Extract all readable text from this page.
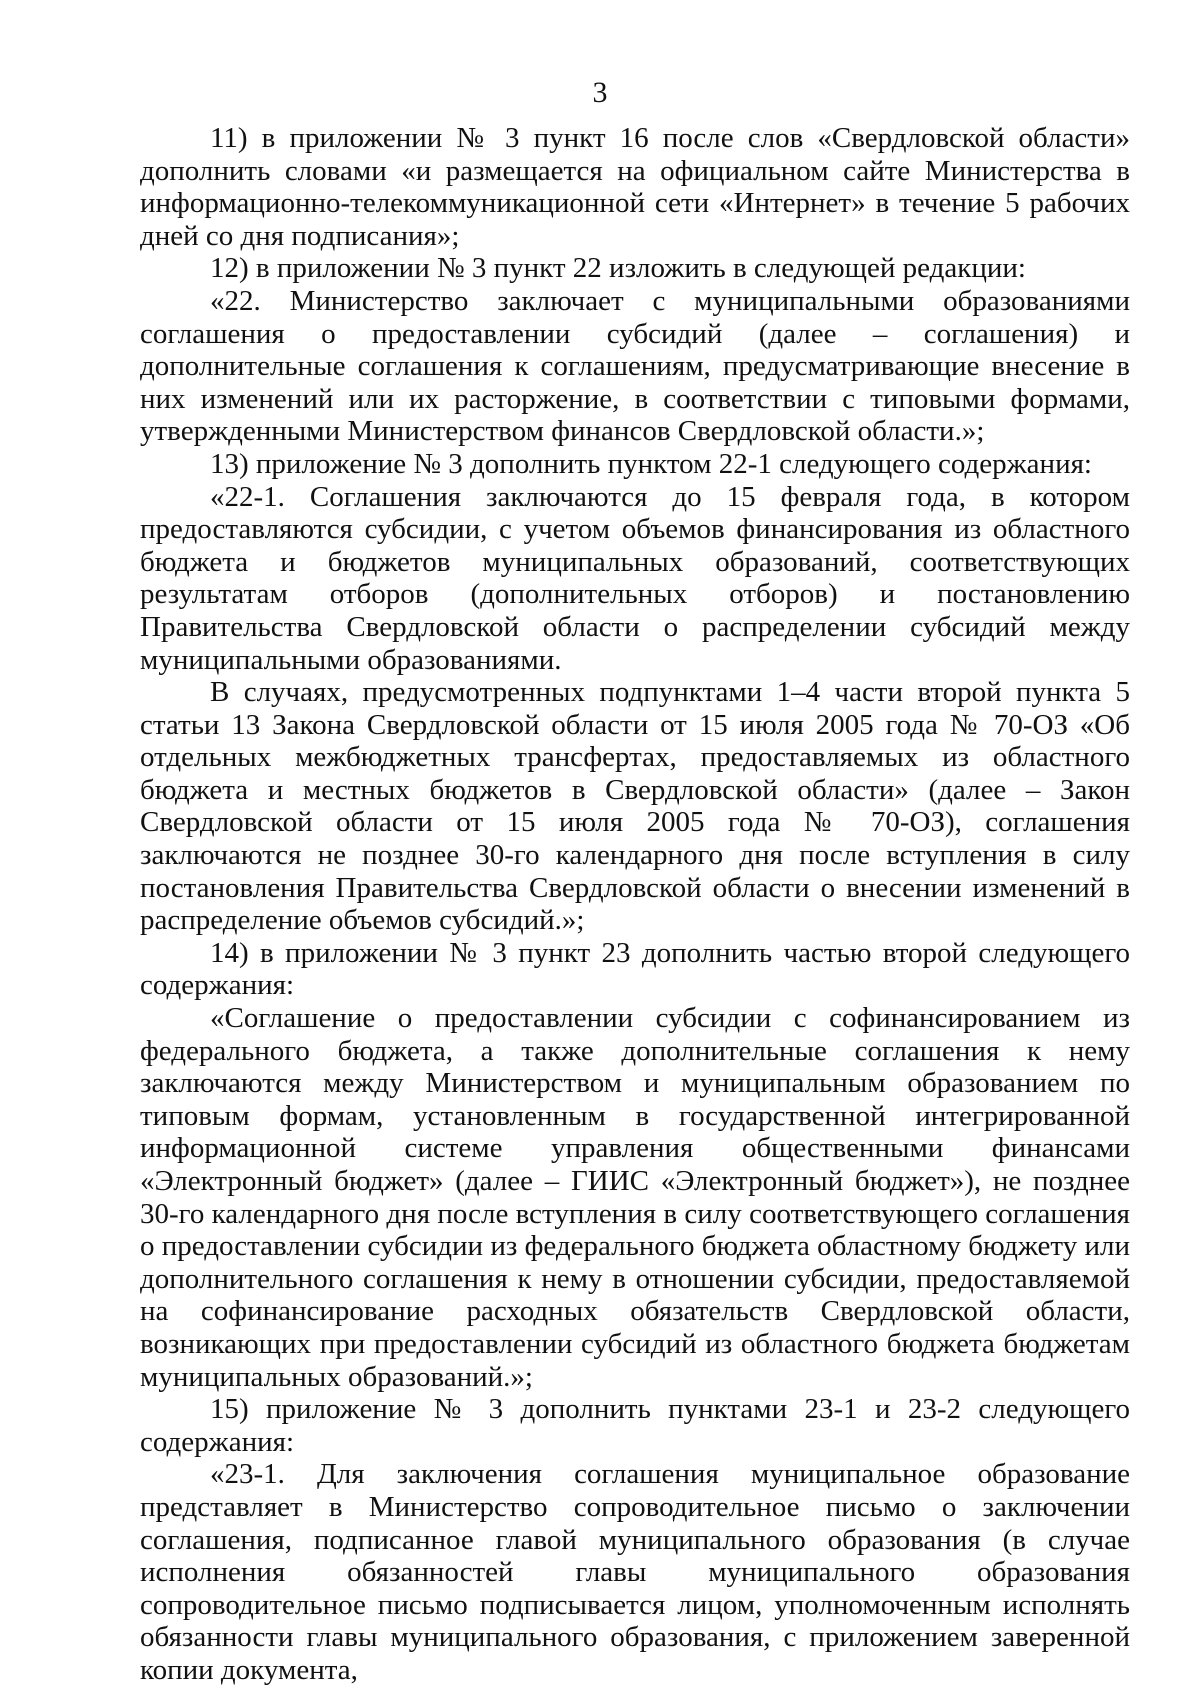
3

11) в приложении № 3 пункт 16 после слов «Свердловской области» дополнить словами «и размещается на официальном сайте Министерства в информационно-телекоммуникационной сети «Интернет» в течение 5 рабочих дней со дня подписания»;

12) в приложении № 3 пункт 22 изложить в следующей редакции:

«22. Министерство заключает с муниципальными образованиями соглашения о предоставлении субсидий (далее – соглашения) и дополнительные соглашения к соглашениям, предусматривающие внесение в них изменений или их расторжение, в соответствии с типовыми формами, утвержденными Министерством финансов Свердловской области.»;

13) приложение № 3 дополнить пунктом 22-1 следующего содержания:

«22-1. Соглашения заключаются до 15 февраля года, в котором предоставляются субсидии, с учетом объемов финансирования из областного бюджета и бюджетов муниципальных образований, соответствующих результатам отборов (дополнительных отборов) и постановлению Правительства Свердловской области о распределении субсидий между муниципальными образованиями.

В случаях, предусмотренных подпунктами 1–4 части второй пункта 5 статьи 13 Закона Свердловской области от 15 июля 2005 года № 70-ОЗ «Об отдельных межбюджетных трансфертах, предоставляемых из областного бюджета и местных бюджетов в Свердловской области» (далее – Закон Свердловской области от 15 июля 2005 года № 70-ОЗ), соглашения заключаются не позднее 30-го календарного дня после вступления в силу постановления Правительства Свердловской области о внесении изменений в распределение объемов субсидий.»;

14) в приложении № 3 пункт 23 дополнить частью второй следующего содержания:

«Соглашение о предоставлении субсидии с софинансированием из федерального бюджета, а также дополнительные соглашения к нему заключаются между Министерством и муниципальным образованием по типовым формам, установленным в государственной интегрированной информационной системе управления общественными финансами «Электронный бюджет» (далее – ГИИС «Электронный бюджет»), не позднее 30-го календарного дня после вступления в силу соответствующего соглашения о предоставлении субсидии из федерального бюджета областному бюджету или дополнительного соглашения к нему в отношении субсидии, предоставляемой на софинансирование расходных обязательств Свердловской области, возникающих при предоставлении субсидий из областного бюджета бюджетам муниципальных образований.»;

15) приложение № 3 дополнить пунктами 23-1 и 23-2 следующего содержания:

«23-1. Для заключения соглашения муниципальное образование представляет в Министерство сопроводительное письмо о заключении соглашения, подписанное главой муниципального образования (в случае исполнения обязанностей главы муниципального образования сопроводительное письмо подписывается лицом, уполномоченным исполнять обязанности главы муниципального образования, с приложением заверенной копии документа,
